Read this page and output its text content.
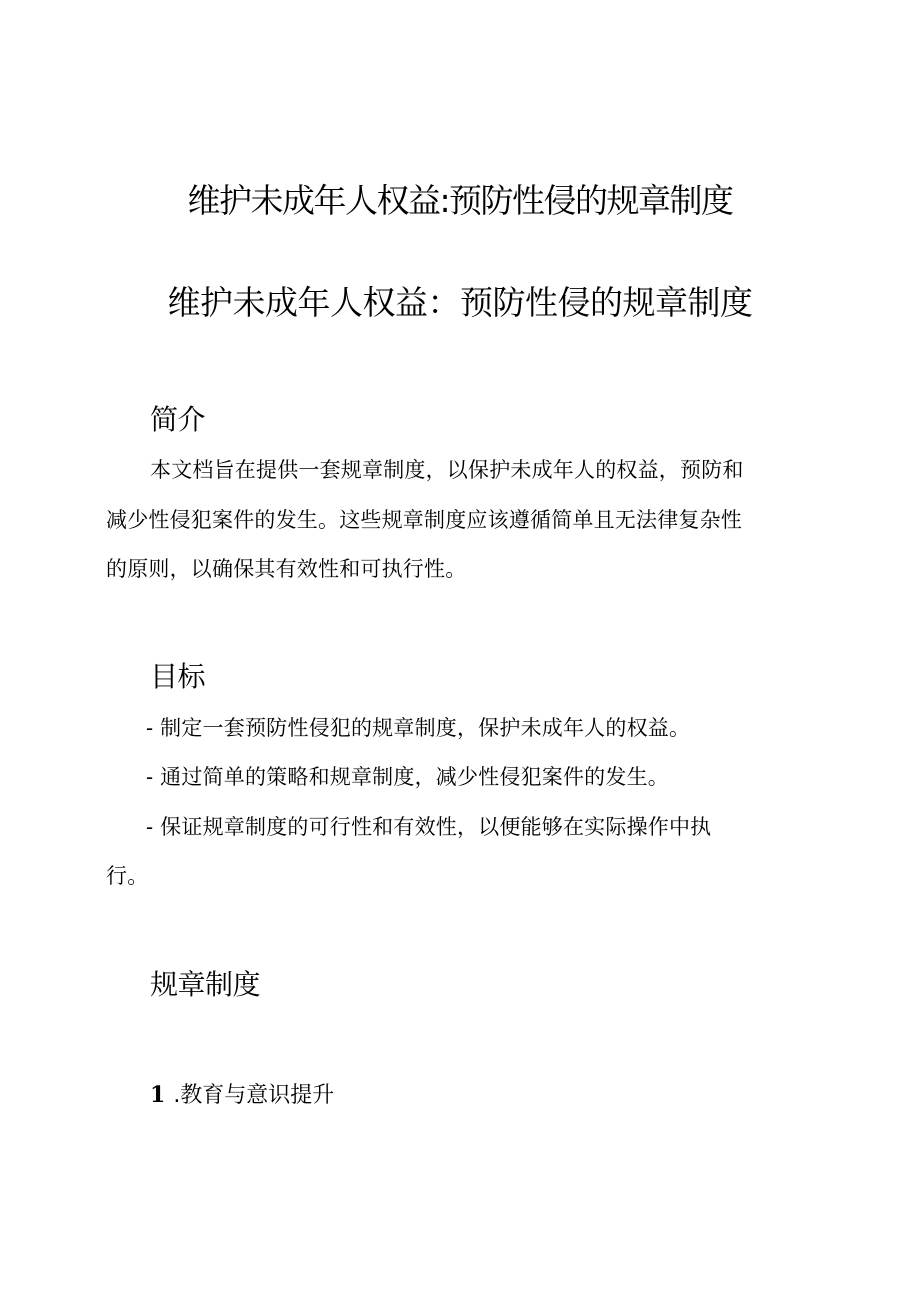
维护未成年人权益:预防性侵的规章制度
维护未成年人权益：预防性侵的规章制度
简介
本文档旨在提供一套规章制度，以保护未成年人的权益，预防和
减少性侵犯案件的发生。这些规章制度应该遵循简单且无法律复杂性
的原则，以确保其有效性和可执行性。
目标
- 制定一套预防性侵犯的规章制度，保护未成年人的权益。
- 通过简单的策略和规章制度，减少性侵犯案件的发生。
- 保证规章制度的可行性和有效性，以便能够在实际操作中执
行。
规章制度
1 .教育与意识提升
